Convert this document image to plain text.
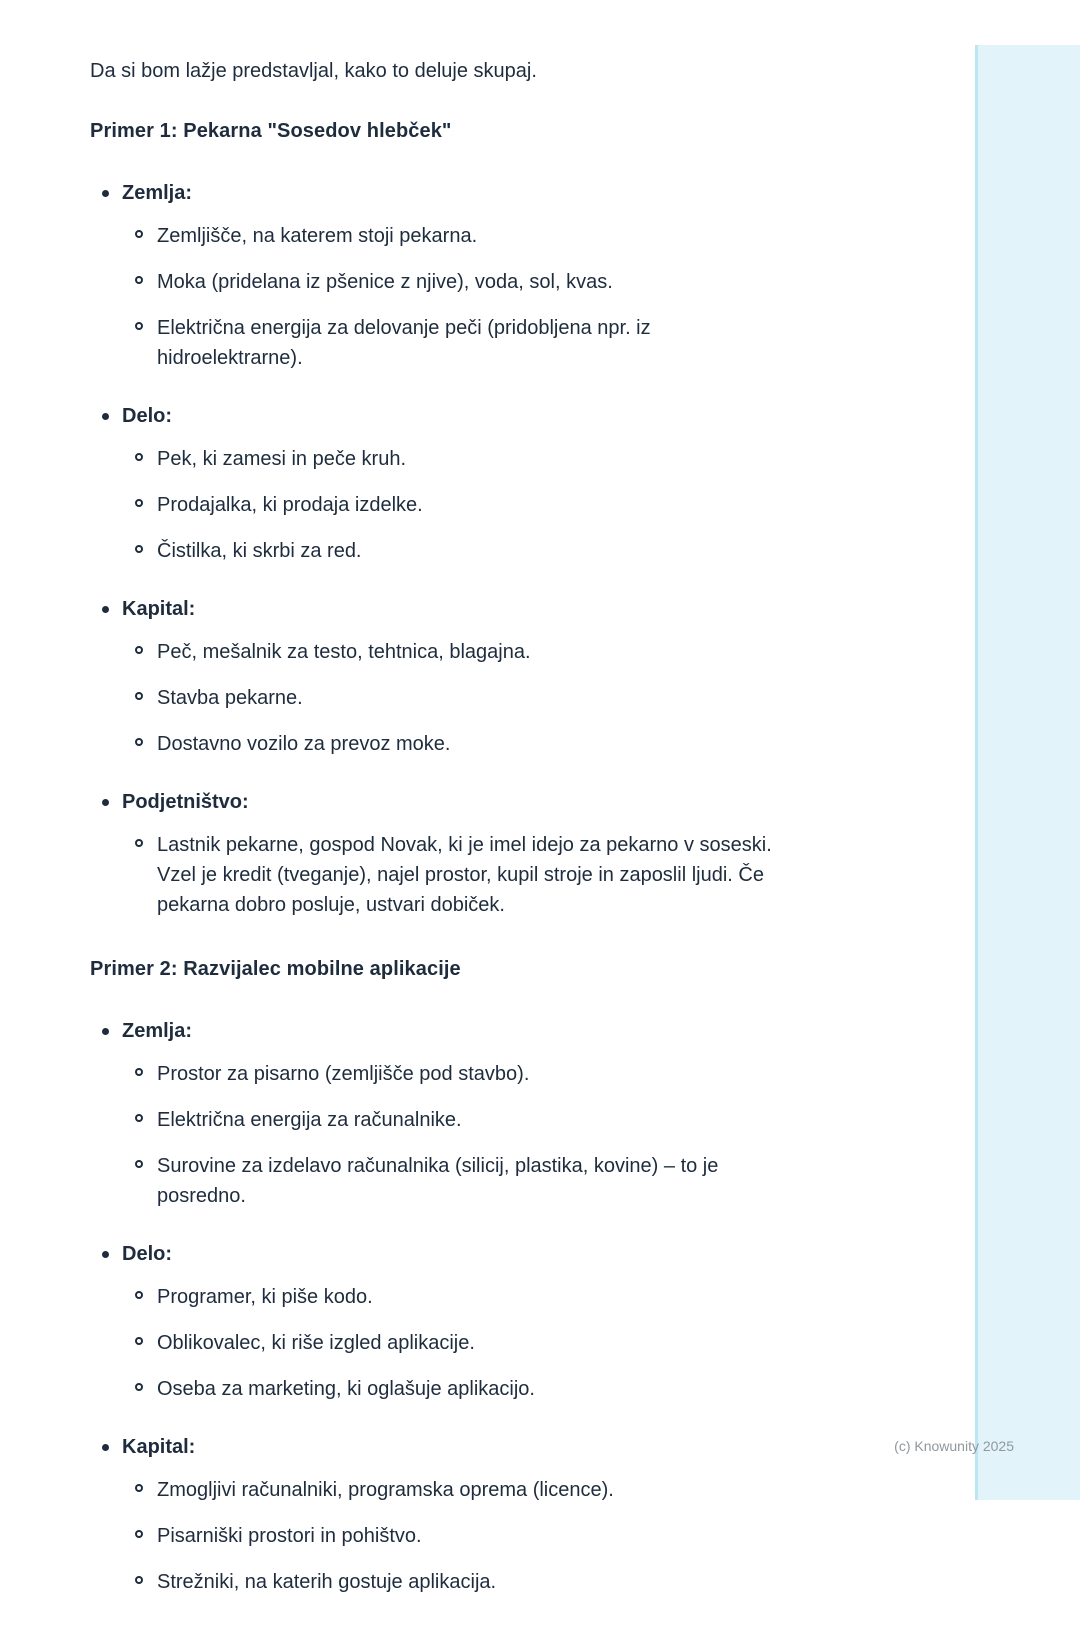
Da si bom lažje predstavljal, kako to deluje skupaj.

Primer 1: Pekarna "Sosedov hlebček"
Zemlja:
Zemljišče, na katerem stoji pekarna.
Moka (pridelana iz pšenice z njive), voda, sol, kvas.
Električna energija za delovanje peči (pridobljena npr. iz hidroelektrarne).
Delo:
Pek, ki zamesi in peče kruh.
Prodajalka, ki prodaja izdelke.
Čistilka, ki skrbi za red.
Kapital:
Peč, mešalnik za testo, tehtnica, blagajna.
Stavba pekarne.
Dostavno vozilo za prevoz moke.
Podjetništvo:
Lastnik pekarne, gospod Novak, ki je imel idejo za pekarno v soseski. Vzel je kredit (tveganje), najel prostor, kupil stroje in zaposlil ljudi. Če pekarna dobro posluje, ustvari dobiček.
Primer 2: Razvijalec mobilne aplikacije
Zemlja:
Prostor za pisarno (zemljišče pod stavbo).
Električna energija za računalnike.
Surovine za izdelavo računalnika (silicij, plastika, kovine) – to je posredno.
Delo:
Programer, ki piše kodo.
Oblikovalec, ki riše izgled aplikacije.
Oseba za marketing, ki oglašuje aplikacijo.
Kapital:
Zmogljivi računalniki, programska oprema (licence).
Pisarniški prostori in pohištvo.
Strežniki, na katerih gostuje aplikacija.
(c) Knowunity 2025
